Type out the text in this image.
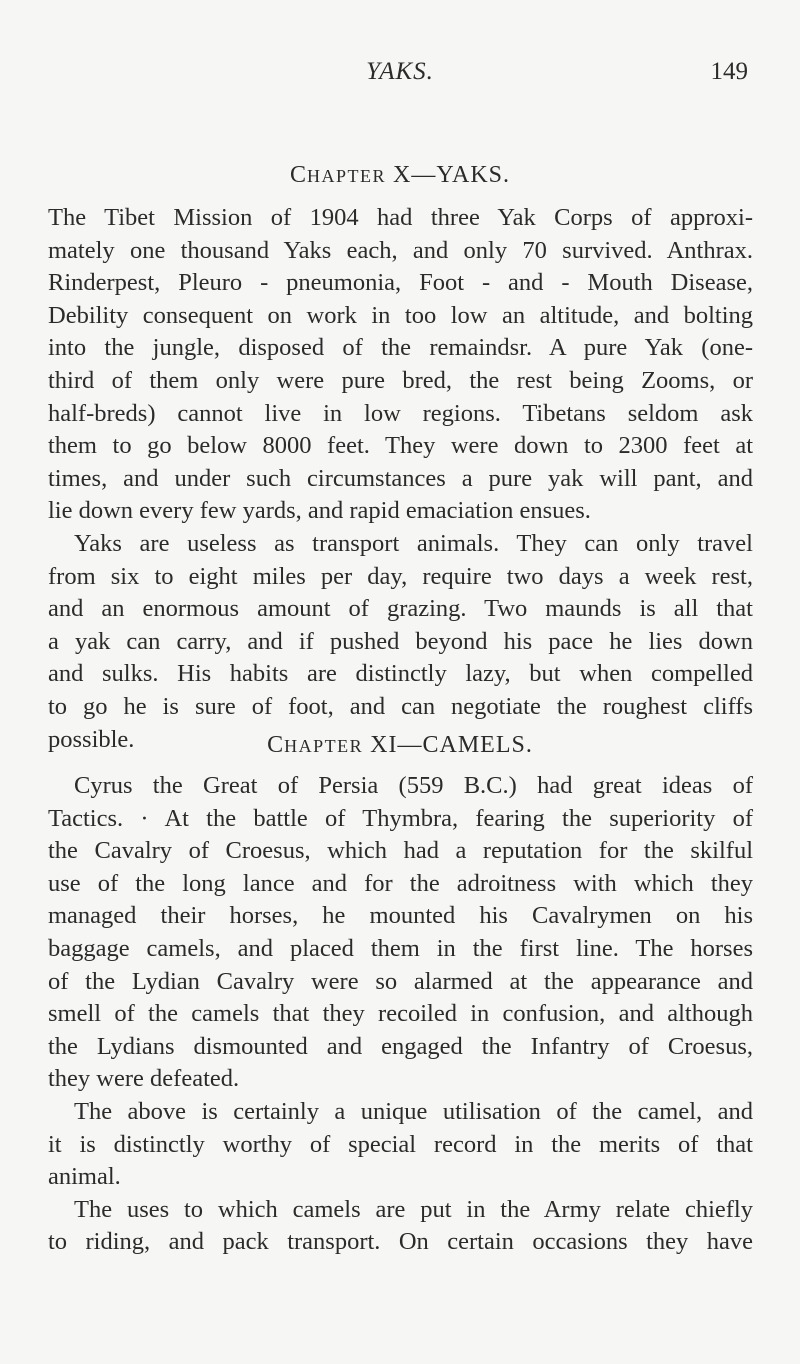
YAKS.	149
CHAPTER X—YAKS.
The Tibet Mission of 1904 had three Yak Corps of approxi-
mately one thousand Yaks each, and only 70 survived. Anthrax.
Rinderpest, Pleuro - pneumonia, Foot - and - Mouth Disease,
Debility consequent on work in too low an altitude, and bolting
into the jungle, disposed of the remaindsr. A pure Yak (one-
third of them only were pure bred, the rest being Zooms, or
half-breds) cannot live in low regions. Tibetans seldom ask
them to go below 8000 feet. They were down to 2300 feet at
times, and under such circumstances a pure yak will pant, and
lie down every few yards, and rapid emaciation ensues.
Yaks are useless as transport animals. They can only travel
from six to eight miles per day, require two days a week rest,
and an enormous amount of grazing. Two maunds is all that
a yak can carry, and if pushed beyond his pace he lies down
and sulks. His habits are distinctly lazy, but when compelled
to go he is sure of foot, and can negotiate the roughest cliffs
possible.	CHAPTER XI—CAMELS.
Cyrus the Great of Persia (559 B.C.) had great ideas of
Tactics. · At the battle of Thymbra, fearing the superiority of
the Cavalry of Croesus, which had a reputation for the skilful
use of the long lance and for the adroitness with which they
managed their horses, he mounted his Cavalrymen on his
baggage camels, and placed them in the first line. The horses
of the Lydian Cavalry were so alarmed at the appearance and
smell of the camels that they recoiled in confusion, and although
the Lydians dismounted and engaged the Infantry of Croesus,
they were defeated.
The above is certainly a unique utilisation of the camel, and
it is distinctly worthy of special record in the merits of that
animal.
The uses to which camels are put in the Army relate chiefly
to riding, and pack transport. On certain occasions they have
